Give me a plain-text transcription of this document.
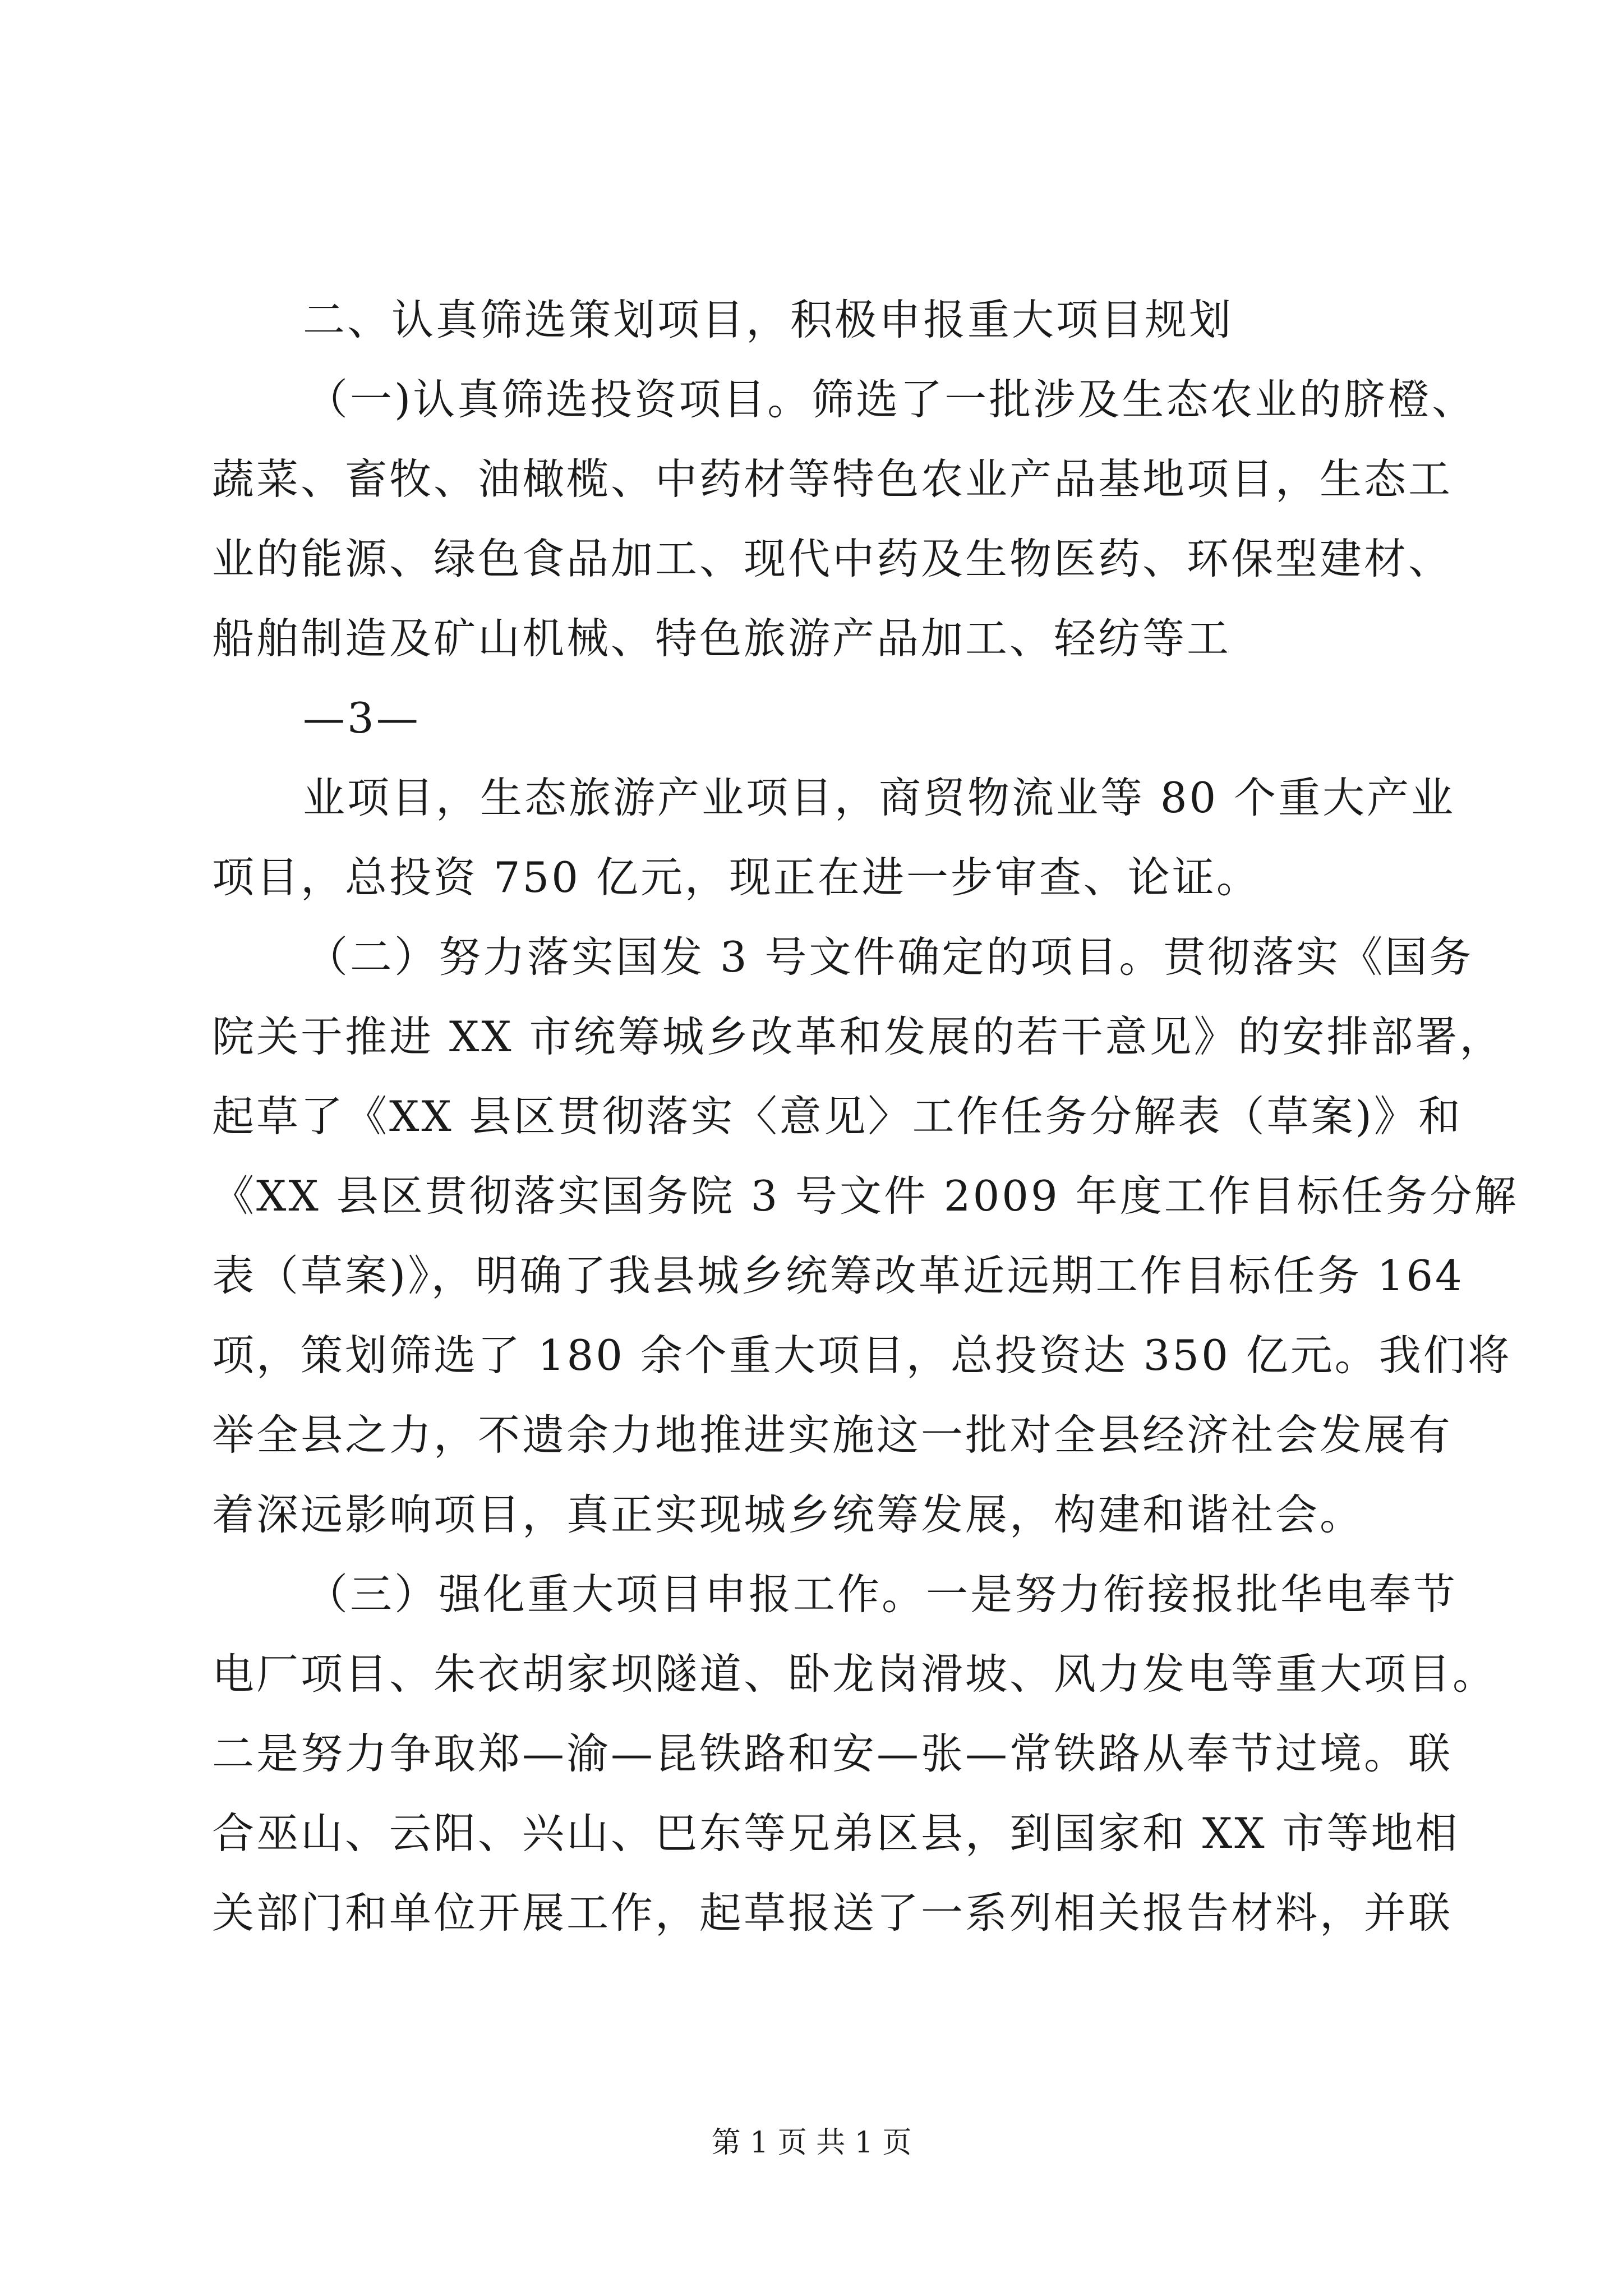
二、认真筛选策划项目，积极申报重大项目规划
（一)认真筛选投资项目。筛选了一批涉及生态农业的脐橙、
蔬菜、畜牧、油橄榄、中药材等特色农业产品基地项目，生态工
业的能源、绿色食品加工、现代中药及生物医药、环保型建材、
船舶制造及矿山机械、特色旅游产品加工、轻纺等工
—3—
业项目，生态旅游产业项目，商贸物流业等 80 个重大产业
项目，总投资 750 亿元，现正在进一步审查、论证。
（二）努力落实国发 3 号文件确定的项目。贯彻落实《国务
院关于推进 XX 市统筹城乡改革和发展的若干意见》的安排部署，
起草了《XX 县区贯彻落实〈意见〉工作任务分解表（草案)》和
《XX 县区贯彻落实国务院 3 号文件 2009 年度工作目标任务分解
表（草案)》，明确了我县城乡统筹改革近远期工作目标任务 164
项，策划筛选了 180 余个重大项目，总投资达 350 亿元。我们将
举全县之力，不遗余力地推进实施这一批对全县经济社会发展有
着深远影响项目，真正实现城乡统筹发展，构建和谐社会。
（三）强化重大项目申报工作。一是努力衔接报批华电奉节
电厂项目、朱衣胡家坝隧道、卧龙岗滑坡、风力发电等重大项目。
二是努力争取郑—渝—昆铁路和安—张—常铁路从奉节过境。联
合巫山、云阳、兴山、巴东等兄弟区县，到国家和 XX 市等地相
关部门和单位开展工作，起草报送了一系列相关报告材料，并联
第 1 页 共 1 页
